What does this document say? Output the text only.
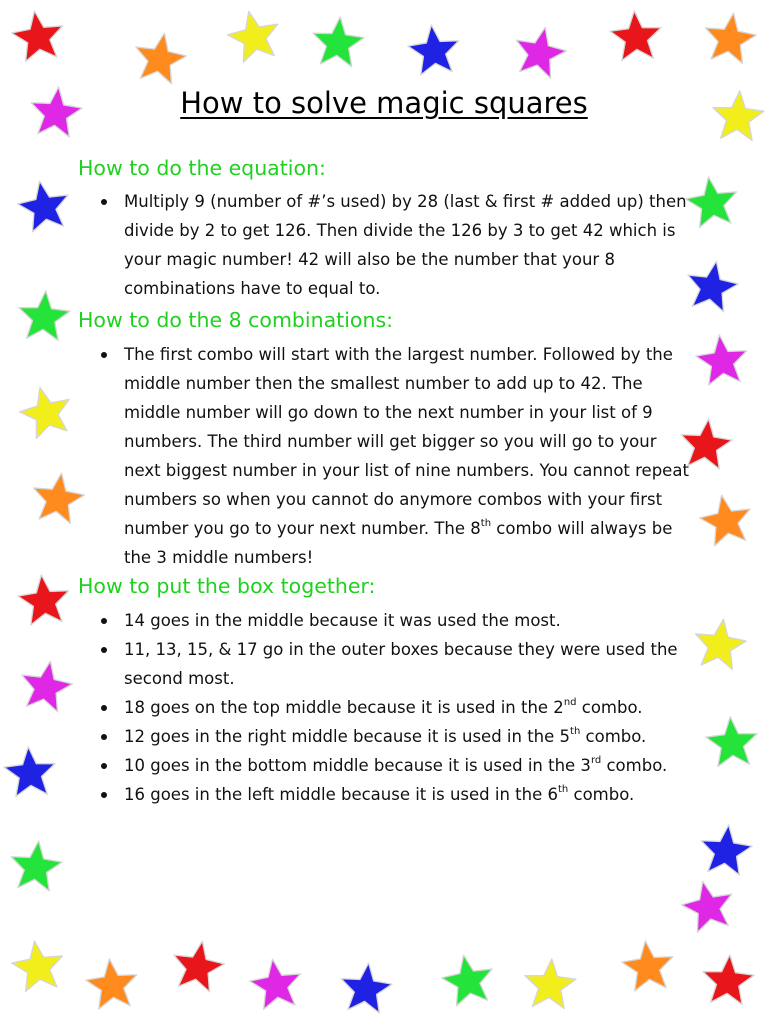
How to solve magic squares
How to do the equation:
Multiply 9 (number of #’s used) by 28 (last & first # added up) then divide by 2 to get 126. Then divide the 126 by 3 to get 42 which is your magic number! 42 will also be the number that your 8 combinations have to equal to.
How to do the 8 combinations:
The first combo will start with the largest number. Followed by the middle number then the smallest number to add up to 42. The middle number will go down to the next number in your list of 9 numbers. The third number will get bigger so you will go to your next biggest number in your list of nine numbers. You cannot repeat numbers so when you cannot do anymore combos with your first number you go to your next number. The 8th combo will always be the 3 middle numbers!
How to put the box together:
14 goes in the middle because it was used the most.
11, 13, 15, & 17 go in the outer boxes because they were used the second most.
18 goes on the top middle because it is used in the 2nd combo.
12 goes in the right middle because it is used in the 5th combo.
10 goes in the bottom middle because it is used in the 3rd combo.
16 goes in the left middle because it is used in the 6th combo.
